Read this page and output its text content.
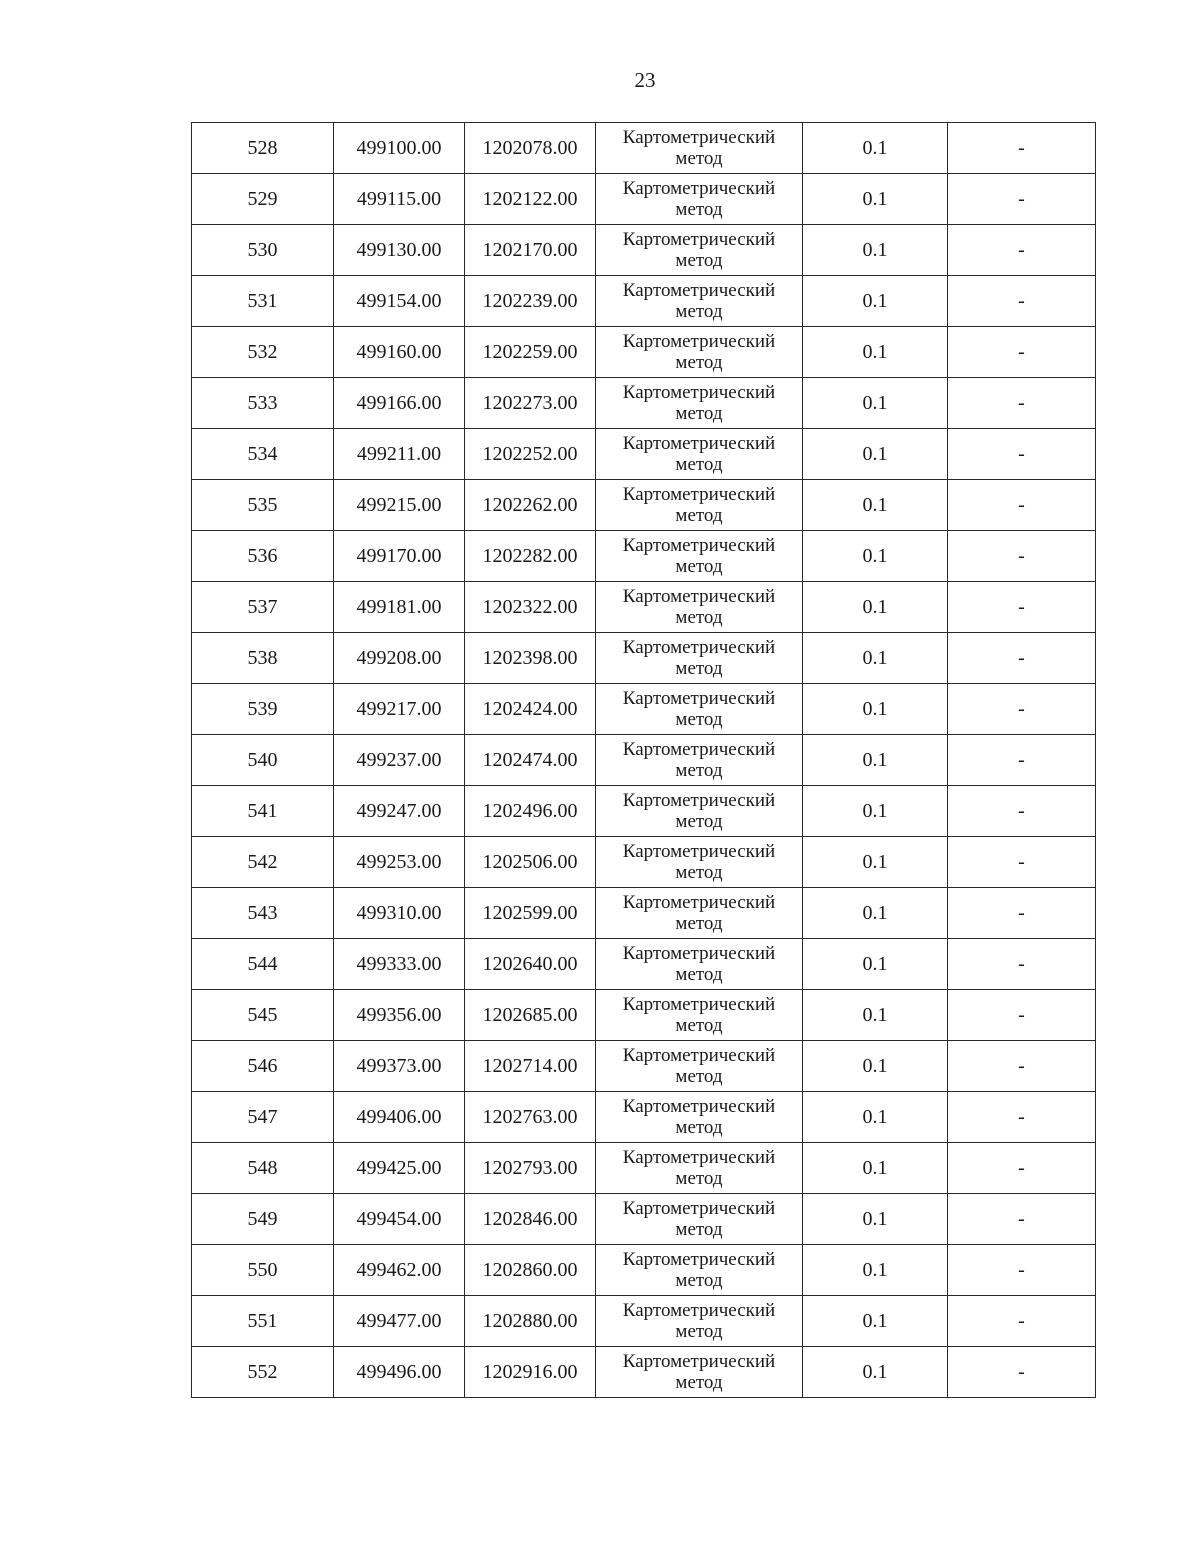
23
528	499100.00	1202078.00	Картометрический
метод	0.1	-
529	499115.00	1202122.00	Картометрический
метод	0.1	-
530	499130.00	1202170.00	Картометрический
метод	0.1	-
531	499154.00	1202239.00	Картометрический
метод	0.1	-
532	499160.00	1202259.00	Картометрический
метод	0.1	-
533	499166.00	1202273.00	Картометрический
метод	0.1	-
534	499211.00	1202252.00	Картометрический
метод	0.1	-
535	499215.00	1202262.00	Картометрический
метод	0.1	-
536	499170.00	1202282.00	Картометрический
метод	0.1	-
537	499181.00	1202322.00	Картометрический
метод	0.1	-
538	499208.00	1202398.00	Картометрический
метод	0.1	-
539	499217.00	1202424.00	Картометрический
метод	0.1	-
540	499237.00	1202474.00	Картометрический
метод	0.1	-
541	499247.00	1202496.00	Картометрический
метод	0.1	-
542	499253.00	1202506.00	Картометрический
метод	0.1	-
543	499310.00	1202599.00	Картометрический
метод	0.1	-
544	499333.00	1202640.00	Картометрический
метод	0.1	-
545	499356.00	1202685.00	Картометрический
метод	0.1	-
546	499373.00	1202714.00	Картометрический
метод	0.1	-
547	499406.00	1202763.00	Картометрический
метод	0.1	-
548	499425.00	1202793.00	Картометрический
метод	0.1	-
549	499454.00	1202846.00	Картометрический
метод	0.1	-
550	499462.00	1202860.00	Картометрический
метод	0.1	-
551	499477.00	1202880.00	Картометрический
метод	0.1	-
552	499496.00	1202916.00	Картометрический
метод	0.1	-
